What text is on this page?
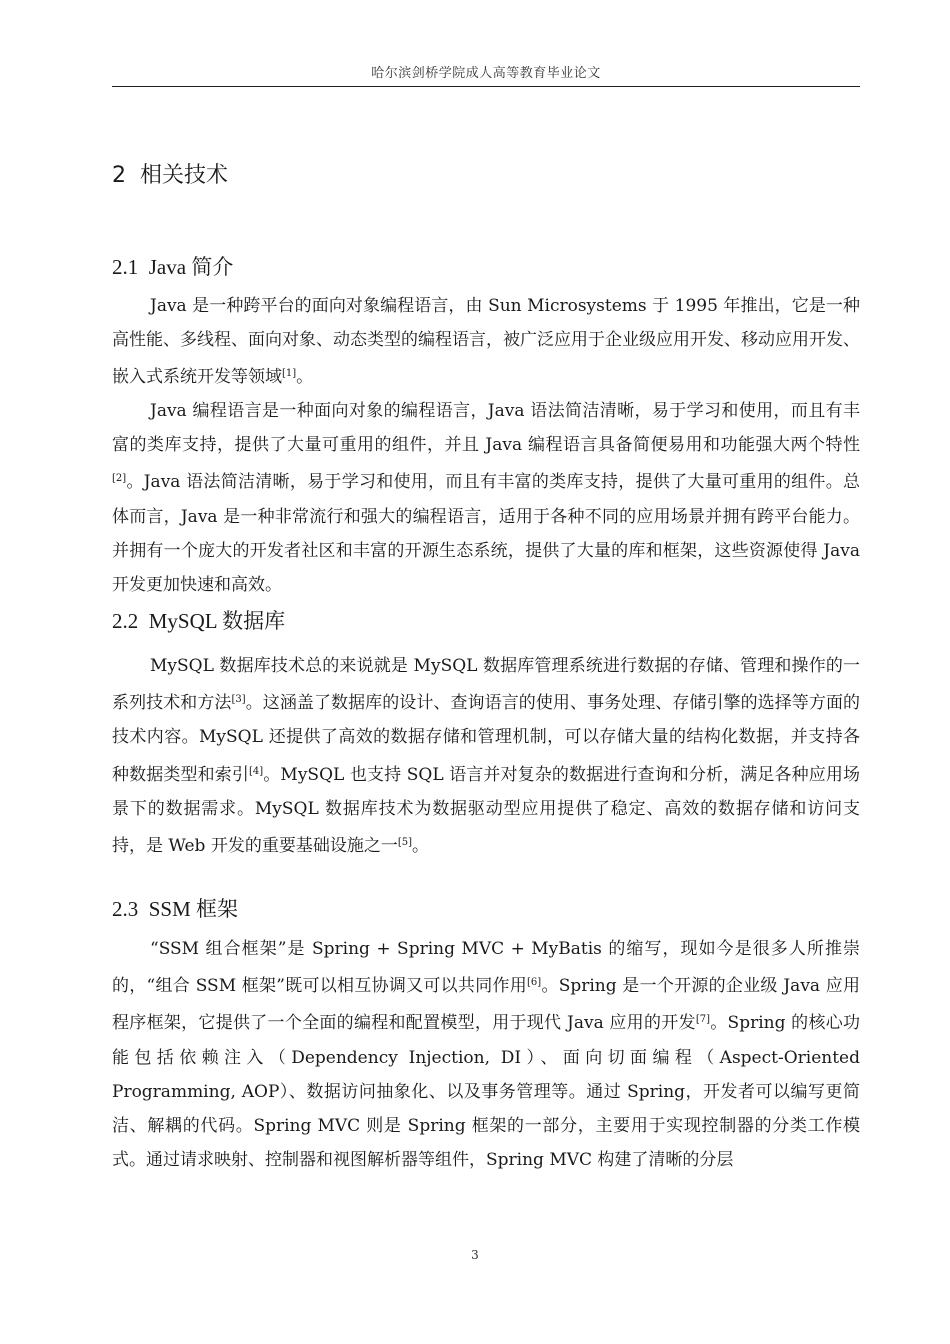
哈尔滨剑桥学院成人高等教育毕业论文
2 相关技术
2.1 Java 简介

Java 是一种跨平台的面向对象编程语言，由 Sun Microsystems 于 1995 年推出，它是一种高性能、多线程、面向对象、动态类型的编程语言，被广泛应用于企业级应用开发、移动应用开发、嵌入式系统开发等领域[1]。

Java 编程语言是一种面向对象的编程语言，Java 语法简洁清晰，易于学习和使用，而且有丰富的类库支持，提供了大量可重用的组件，并且 Java 编程语言具备简便易用和功能强大两个特性[2]。Java 语法简洁清晰，易于学习和使用，而且有丰富的类库支持，提供了大量可重用的组件。总体而言，Java 是一种非常流行和强大的编程语言，适用于各种不同的应用场景并拥有跨平台能力。并拥有一个庞大的开发者社区和丰富的开源生态系统，提供了大量的库和框架，这些资源使得 Java 开发更加快速和高效。

2.2 MySQL 数据库

MySQL 数据库技术总的来说就是 MySQL 数据库管理系统进行数据的存储、管理和操作的一系列技术和方法[3]。这涵盖了数据库的设计、查询语言的使用、事务处理、存储引擎的选择等方面的技术内容。MySQL 还提供了高效的数据存储和管理机制，可以存储大量的结构化数据，并支持各种数据类型和索引[4]。MySQL 也支持 SQL 语言并对复杂的数据进行查询和分析，满足各种应用场景下的数据需求。MySQL 数据库技术为数据驱动型应用提供了稳定、高效的数据存储和访问支持，是 Web 开发的重要基础设施之一[5]。

2.3 SSM 框架

“SSM 组合框架”是 Spring + Spring MVC + MyBatis 的缩写，现如今是很多人所推崇的，“组合 SSM 框架”既可以相互协调又可以共同作用[6]。Spring 是一个开源的企业级 Java 应用程序框架，它提供了一个全面的编程和配置模型，用于现代 Java 应用的开发[7]。Spring 的核心功能包括依赖注入（Dependency Injection, DI）、面向切面编程（Aspect-Oriented Programming, AOP）、数据访问抽象化、以及事务管理等。通过 Spring，开发者可以编写更简洁、解耦的代码。Spring MVC 则是 Spring 框架的一部分，主要用于实现控制器的分类工作模式。通过请求映射、控制器和视图解析器等组件，Spring MVC 构建了清晰的分层

3
